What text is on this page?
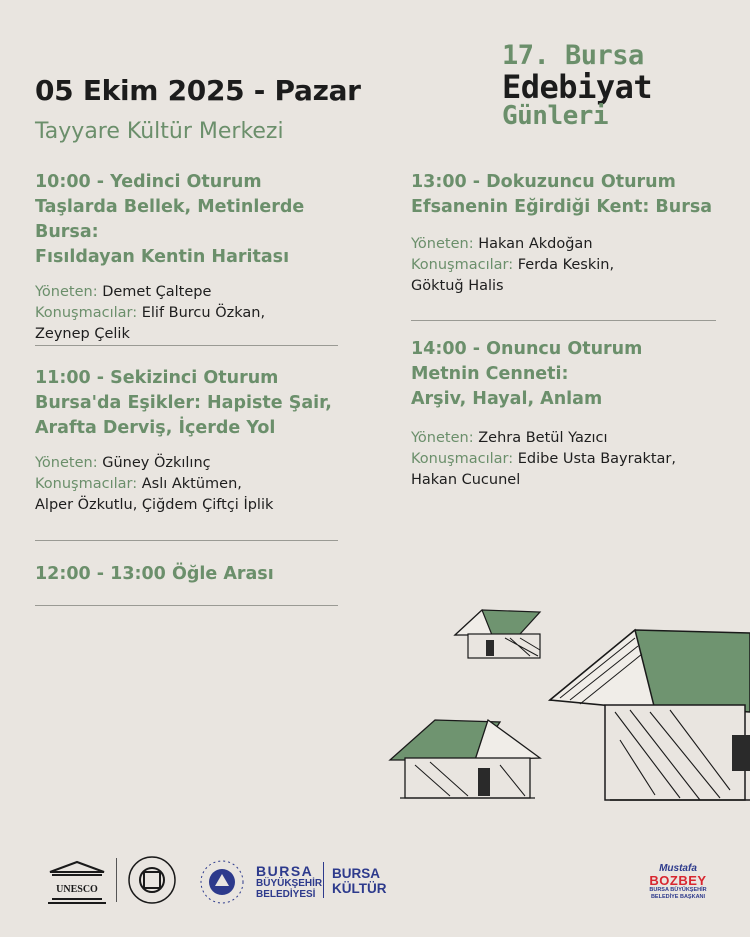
05 Ekim 2025 - Pazar
Tayyare Kültür Merkezi
17. Bursa
Edebiyat
Günleri
10:00 - Yedinci Oturum
Taşlarda Bellek, Metinlerde Bursa:
Fısıldayan Kentin Haritası
Yöneten: Demet Çaltepe
Konuşmacılar: Elif Burcu Özkan,
Zeynep Çelik
11:00 - Sekizinci Oturum
Bursa'da Eşikler: Hapiste Şair,
Arafta Derviş, İçerde Yol
Yöneten: Güney Özkılınç
Konuşmacılar: Aslı Aktümen,
Alper Özkutlu, Çiğdem Çiftçi İplik
12:00 - 13:00 Öğle Arası
13:00 - Dokuzuncu Oturum
Efsanenin Eğirdiği Kent: Bursa
Yöneten: Hakan Akdoğan
Konuşmacılar: Ferda Keskin,
Göktuğ Halis
14:00 - Onuncu Oturum
Metnin Cenneti:
Arşiv, Hayal, Anlam
Yöneten: Zehra Betül Yazıcı
Konuşmacılar: Edibe Usta Bayraktar,
Hakan Cucunel
UNESCO
BURSA
BÜYÜKŞEHİR
BELEDİYESİ
BURSA
KÜLTÜR
Mustafa
BOZBEY
BURSA BÜYÜKŞEHİR
BELEDİYE BAŞKANI
